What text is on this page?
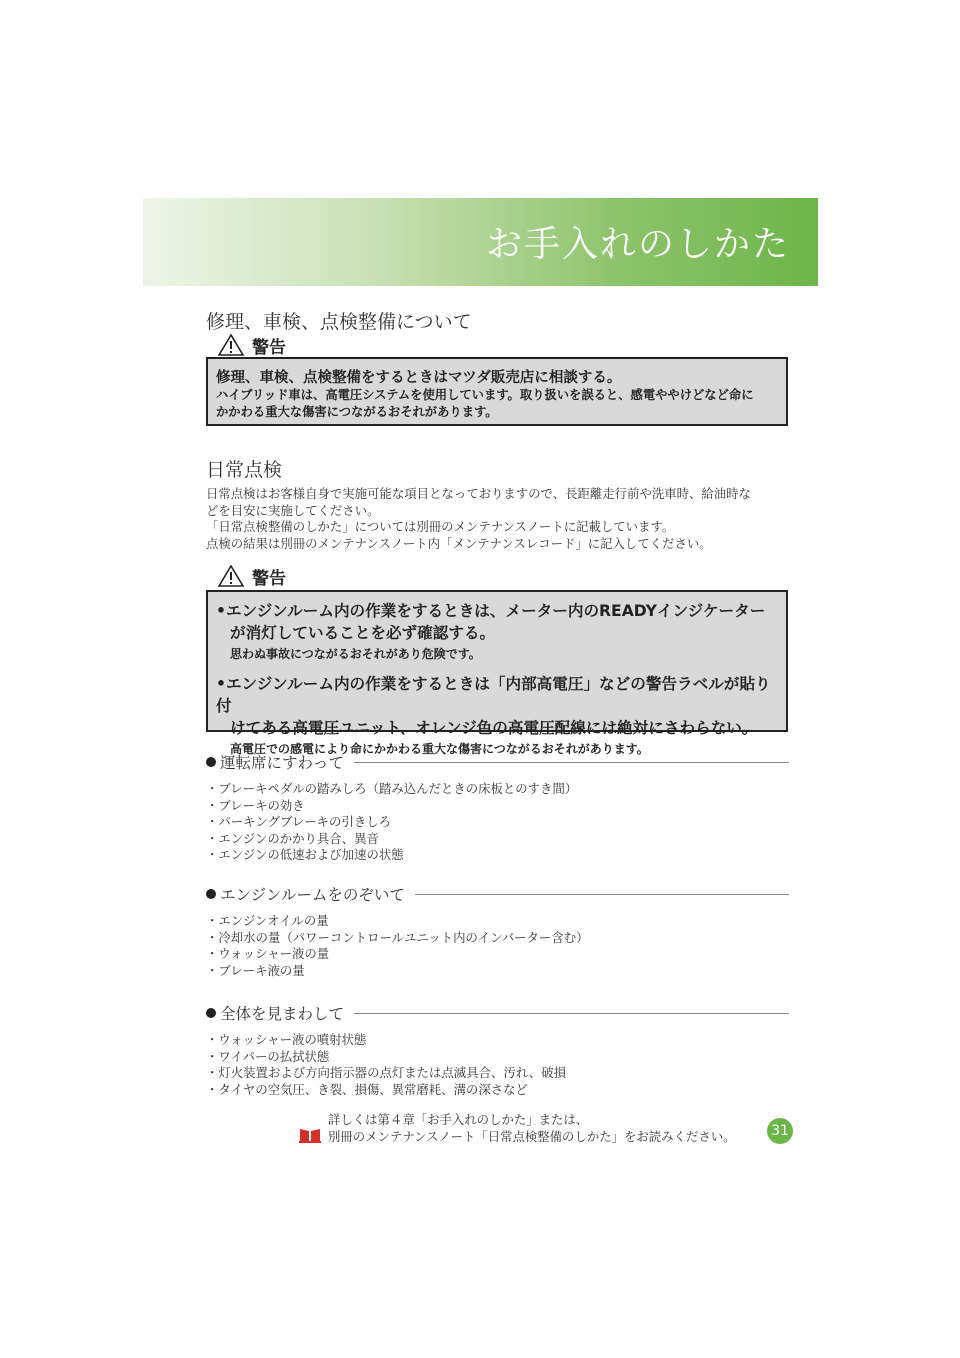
お手入れのしかた
修理、車検、点検整備について
警告
修理、車検、点検整備をするときはマツダ販売店に相談する。
ハイブリッド車は、高電圧システムを使用しています。取り扱いを誤ると、感電ややけどなど命に
かかわる重大な傷害につながるおそれがあります。
日常点検
日常点検はお客様自身で実施可能な項目となっておりますので、長距離走行前や洗車時、給油時な
どを目安に実施してください。
「日常点検整備のしかた」については別冊のメンテナンスノートに記載しています。
点検の結果は別冊のメンテナンスノート内「メンテナンスレコード」に記入してください。
警告
•エンジンルーム内の作業をするときは、メーター内のREADYインジケーター
が消灯していることを必ず確認する。
思わぬ事故につながるおそれがあり危険です。
•エンジンルーム内の作業をするときは「内部高電圧」などの警告ラベルが貼り付
けてある高電圧ユニット、オレンジ色の高電圧配線には絶対にさわらない。
高電圧での感電により命にかかわる重大な傷害につながるおそれがあります。
運転席にすわって
・ブレーキペダルの踏みしろ（踏み込んだときの床板とのすき間）
・ブレーキの効き
・パーキングブレーキの引きしろ
・エンジンのかかり具合、異音
・エンジンの低速および加速の状態
エンジンルームをのぞいて
・エンジンオイルの量
・冷却水の量（パワーコントロールユニット内のインバーター含む）
・ウォッシャー液の量
・ブレーキ液の量
全体を見まわして
・ウォッシャー液の噴射状態
・ワイパーの払拭状態
・灯火装置および方向指示器の点灯または点滅具合、汚れ、破損
・タイヤの空気圧、き裂、損傷、異常磨耗、溝の深さなど
詳しくは第４章「お手入れのしかた」または、
別冊のメンテナンスノート「日常点検整備のしかた」をお読みください。	31
